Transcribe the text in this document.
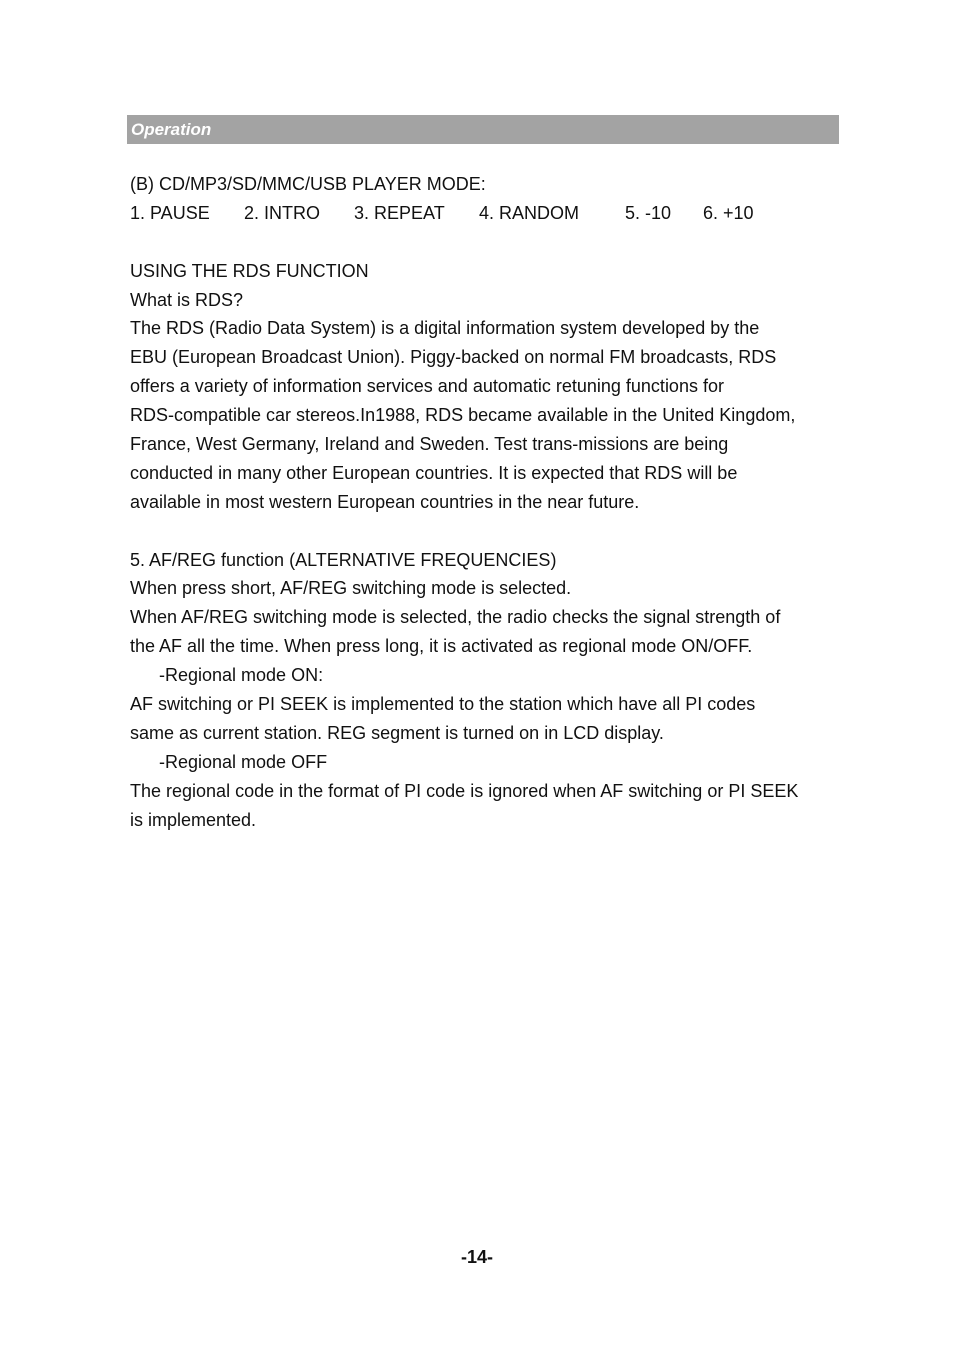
Operation
(B) CD/MP3/SD/MMC/USB PLAYER MODE:
1. PAUSE 2. INTRO 3. REPEAT 4. RANDOM	5. -10 6. +10
USING THE RDS FUNCTION
What is RDS?
The RDS (Radio Data System) is a digital information system developed by the
EBU (European Broadcast Union). Piggy-backed on normal FM broadcasts, RDS
offers a variety of information services and automatic retuning functions for
RDS-compatible car stereos.In1988, RDS became available in the United Kingdom,
France, West Germany, Ireland and Sweden. Test trans-missions are being
conducted in many other European countries. It is expected that RDS will be
available in most western European countries in the near future.
5. AF/REG function (ALTERNATIVE FREQUENCIES)
When press short, AF/REG switching mode is selected.
When AF/REG switching mode is selected, the radio checks the signal strength of
the AF all the time. When press long, it is activated as regional mode ON/OFF.
-Regional mode ON:
AF switching or PI SEEK is implemented to the station which have all PI codes
same as current station. REG segment is turned on in LCD display.
-Regional mode OFF
The regional code in the format of PI code is ignored when AF switching or PI SEEK
is implemented.
-14-
